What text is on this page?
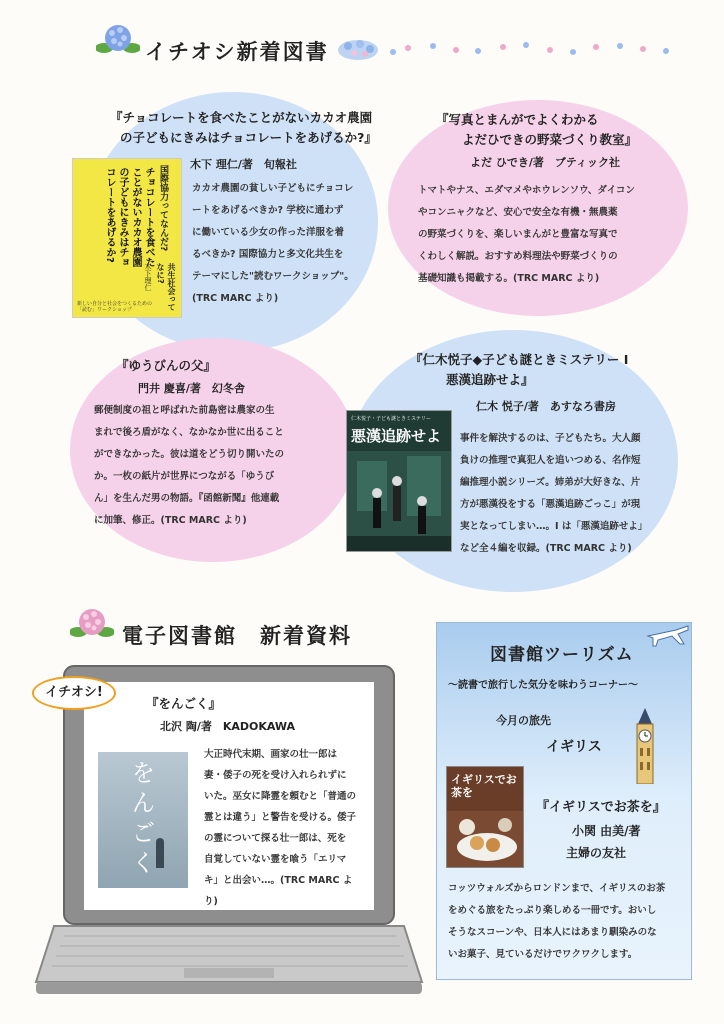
イチオシ新着図書
『チョコレートを食べたことがないカカオ農園
の子どもにきみはチョコレートをあげるか?』
木下 理仁/著　旬報社
チョコレートを食べたことがないカカオ農園の子どもにきみはチョコレートをあげるか?	国際協力ってなんだ?
木下理仁	共生社会ってなに?
新しい自分と社会をつくるための「読む」ワークショップ
カカオ農園の貧しい子どもにチョコレ
ートをあげるべきか? 学校に通わず
に働いている少女の作った洋服を着
るべきか? 国際協力と多文化共生を
テーマにした"読むワークショップ"。
(TRC MARC より)
『写真とまんがでよくわかる
よだひできの野菜づくり教室』
よだ ひでき/著　ブティック社
トマトやナス、エダマメやホウレンソウ、ダイコン
やコンニャクなど、安心で安全な有機・無農薬
の野菜づくりを、楽しいまんがと豊富な写真で
くわしく解説。おすすめ料理法や野菜づくりの
基礎知識も掲載する。(TRC MARC より)
『ゆうびんの父』
門井 慶喜/著　幻冬舎
郵便制度の祖と呼ばれた前島密は農家の生
まれで後ろ盾がなく、なかなか世に出ること
ができなかった。彼は道をどう切り開いたの
か。一枚の紙片が世界につながる「ゆうび
ん」を生んだ男の物語。『函館新聞』他連載
に加筆、修正。(TRC MARC より)
『仁木悦子◆子ども謎ときミステリー Ⅰ
悪漢追跡せよ』
仁木 悦子/著　あすなろ書房
仁木悦子・子ども謎ときミステリー
悪漢追跡せよ	事件を解決するのは、子どもたち。大人顔
負けの推理で真犯人を追いつめる、名作短
編推理小説シリーズ。姉弟が大好きな、片
方が悪漢役をする「悪漢追跡ごっこ」が現
実となってしまい…。Ⅰ は「悪漢追跡せよ」
など全４編を収録。(TRC MARC より)
電子図書館　新着資料
イチオシ!
『をんごく』
北沢 陶/著　KADOKAWA
をんごく
大正時代末期、画家の壮一郎は
妻・倭子の死を受け入れられずに
いた。巫女に降霊を頼むと「普通の
霊とは違う」と警告を受ける。倭子
の霊について探る壮一郎は、死を
自覚していない霊を喰う「エリマ
キ」と出会い…。(TRC MARC より)
図書館ツーリズム
～読書で旅行した気分を味わうコーナー～
今月の旅先
イギリス
イギリスでお茶を
『イギリスでお茶を』
小関 由美/著
主婦の友社
コッツウォルズからロンドンまで、イギリスのお茶
をめぐる旅をたっぷり楽しめる一冊です。おいし
そうなスコーンや、日本人にはあまり馴染みのな
いお菓子、見ているだけでワクワクします。
